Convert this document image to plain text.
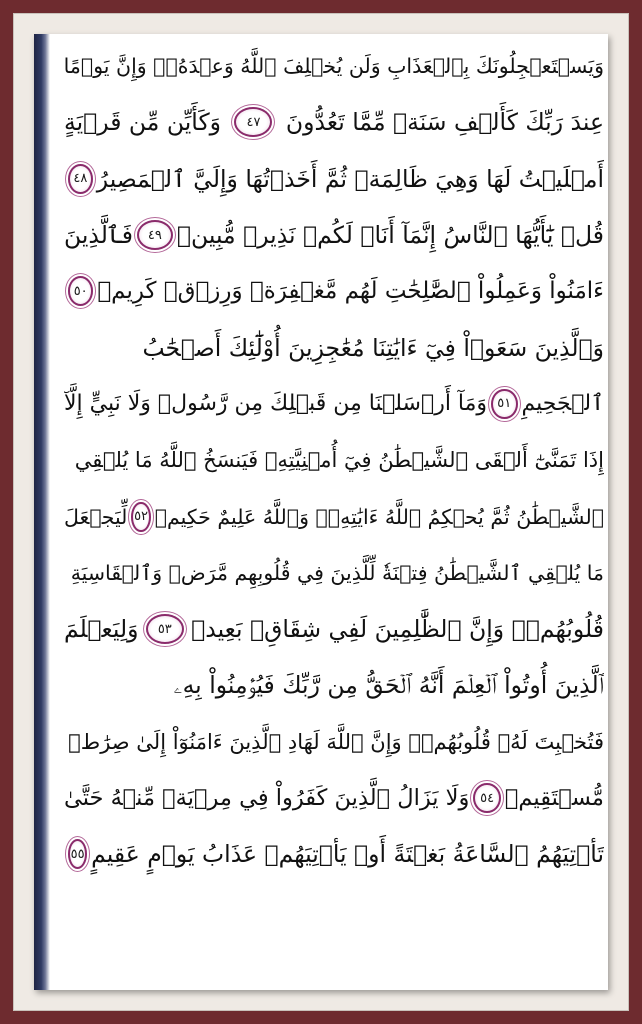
وَيَسۡتَعۡجِلُونَكَ بِٱلۡعَذَابِ وَلَن يُخۡلِفَ ٱللَّهُ وَعۡدَهُۥۚ وَإِنَّ يَوۡمًا
عِندَ رَبِّكَ كَأَلۡفِ سَنَةٖ مِّمَّا تَعُدُّونَ
٤٧
وَكَأَيِّن مِّن قَرۡيَةٍ
أَمۡلَيۡتُ لَهَا وَهِيَ ظَالِمَةٞ ثُمَّ أَخَذۡتُهَا وَإِلَيَّ ٱلۡمَصِيرُ
٤٨
قُلۡ يَٰٓأَيُّهَا ٱلنَّاسُ إِنَّمَآ أَنَا۠ لَكُمۡ نَذِيرٞ مُّبِينٞ
٤٩
فَٱلَّذِينَ
ءَامَنُواْ وَعَمِلُواْ ٱلصَّٰلِحَٰتِ لَهُم مَّغۡفِرَةٞ وَرِزۡقٞ كَرِيمٞ
٥٠
وَٱلَّذِينَ سَعَوۡاْ فِيٓ ءَايَٰتِنَا مُعَٰجِزِينَ أُوْلَٰٓئِكَ أَصۡحَٰبُ
ٱلۡجَحِيمِ
٥١
وَمَآ أَرۡسَلۡنَا مِن قَبۡلِكَ مِن رَّسُولٖ وَلَا نَبِيٍّ إِلَّآ
إِذَا تَمَنَّىٰٓ أَلۡقَى ٱلشَّيۡطَٰنُ فِيٓ أُمۡنِيَّتِهِۦ فَيَنسَخُ ٱللَّهُ مَا يُلۡقِي
ٱلشَّيۡطَٰنُ ثُمَّ يُحۡكِمُ ٱللَّهُ ءَايَٰتِهِۦۗ وَٱللَّهُ عَلِيمٌ حَكِيمٞ
٥٢
لِّيَجۡعَلَ
مَا يُلۡقِي ٱلشَّيۡطَٰنُ فِتۡنَةٗ لِّلَّذِينَ فِي قُلُوبِهِم مَّرَضٞ وَٱلۡقَاسِيَةِ
قُلُوبُهُمۡۗ وَإِنَّ ٱلظَّٰلِمِينَ لَفِي شِقَاقِۭ بَعِيدٖ
٥٣
وَلِيَعۡلَمَ
ٱلَّذِينَ أُوتُواْ ٱلۡعِلۡمَ أَنَّهُ ٱلۡحَقُّ مِن رَّبِّكَ فَيُؤۡمِنُواْ بِهِۦ
فَتُخۡبِتَ لَهُۥ قُلُوبُهُمۡۗ وَإِنَّ ٱللَّهَ لَهَادِ ٱلَّذِينَ ءَامَنُوٓاْ إِلَىٰ صِرَٰطٖ
مُّسۡتَقِيمٖ
٥٤
وَلَا يَزَالُ ٱلَّذِينَ كَفَرُواْ فِي مِرۡيَةٖ مِّنۡهُ حَتَّىٰ
تَأۡتِيَهُمُ ٱلسَّاعَةُ بَغۡتَةً أَوۡ يَأۡتِيَهُمۡ عَذَابُ يَوۡمٍ عَقِيمٍ
٥٥
